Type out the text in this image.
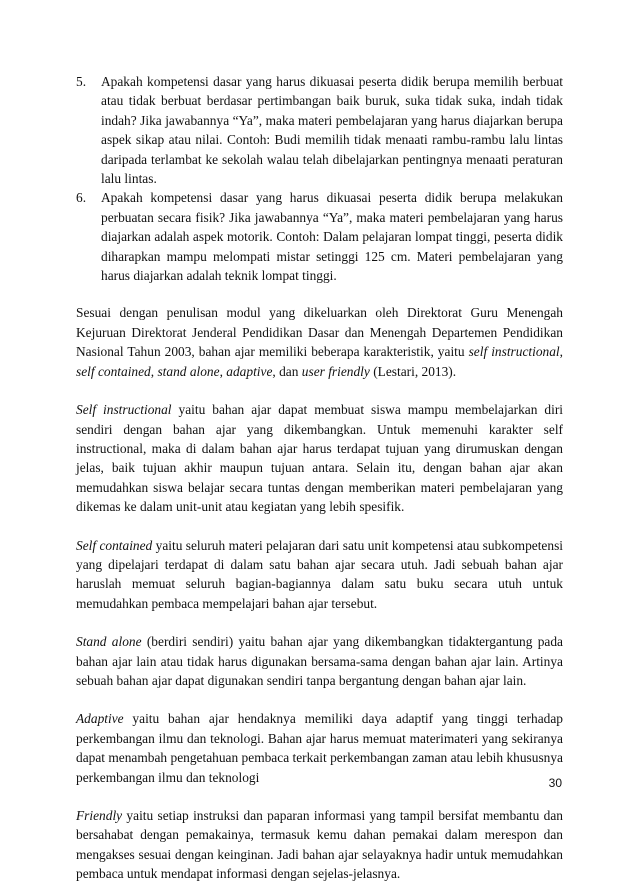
5. Apakah kompetensi dasar yang harus dikuasai peserta didik berupa memilih berbuat atau tidak berbuat berdasar pertimbangan baik buruk, suka tidak suka, indah tidak indah? Jika jawabannya “Ya”, maka materi pembelajaran yang harus diajarkan berupa aspek sikap atau nilai. Contoh: Budi memilih tidak menaati rambu-rambu lalu lintas daripada terlambat ke sekolah walau telah dibelajarkan pentingnya menaati peraturan lalu lintas.
6. Apakah kompetensi dasar yang harus dikuasai peserta didik berupa melakukan perbuatan secara fisik? Jika jawabannya “Ya”, maka materi pembelajaran yang harus diajarkan adalah aspek motorik. Contoh: Dalam pelajaran lompat tinggi, peserta didik diharapkan mampu melompati mistar setinggi 125 cm. Materi pembelajaran yang harus diajarkan adalah teknik lompat tinggi.

Sesuai dengan penulisan modul yang dikeluarkan oleh Direktorat Guru Menengah Kejuruan Direktorat Jenderal Pendidikan Dasar dan Menengah Departemen Pendidikan Nasional Tahun 2003, bahan ajar memiliki beberapa karakteristik, yaitu self instructional, self contained, stand alone, adaptive, dan user friendly (Lestari, 2013).

Self instructional yaitu bahan ajar dapat membuat siswa mampu membelajarkan diri sendiri dengan bahan ajar yang dikembangkan. Untuk memenuhi karakter self instructional, maka di dalam bahan ajar harus terdapat tujuan yang dirumuskan dengan jelas, baik tujuan akhir maupun tujuan antara. Selain itu, dengan bahan ajar akan memudahkan siswa belajar secara tuntas dengan memberikan materi pembelajaran yang dikemas ke dalam unit-unit atau kegiatan yang lebih spesifik.

Self contained yaitu seluruh materi pelajaran dari satu unit kompetensi atau subkompetensi yang dipelajari terdapat di dalam satu bahan ajar secara utuh. Jadi sebuah bahan ajar haruslah memuat seluruh bagian-bagiannya dalam satu buku secara utuh untuk memudahkan pembaca mempelajari bahan ajar tersebut.

Stand alone (berdiri sendiri) yaitu bahan ajar yang dikembangkan tidaktergantung pada bahan ajar lain atau tidak harus digunakan bersama-sama dengan bahan ajar lain. Artinya sebuah bahan ajar dapat digunakan sendiri tanpa bergantung dengan bahan ajar lain.

Adaptive yaitu bahan ajar hendaknya memiliki daya adaptif yang tinggi terhadap perkembangan ilmu dan teknologi. Bahan ajar harus memuat materimateri yang sekiranya dapat menambah pengetahuan pembaca terkait perkembangan zaman atau lebih khususnya perkembangan ilmu dan teknologi

Friendly yaitu setiap instruksi dan paparan informasi yang tampil bersifat membantu dan bersahabat dengan pemakainya, termasuk kemu dahan pemakai dalam merespon dan mengakses sesuai dengan keinginan. Jadi bahan ajar selayaknya hadir untuk memudahkan pembaca untuk mendapat informasi dengan sejelas-jelasnya.

30
